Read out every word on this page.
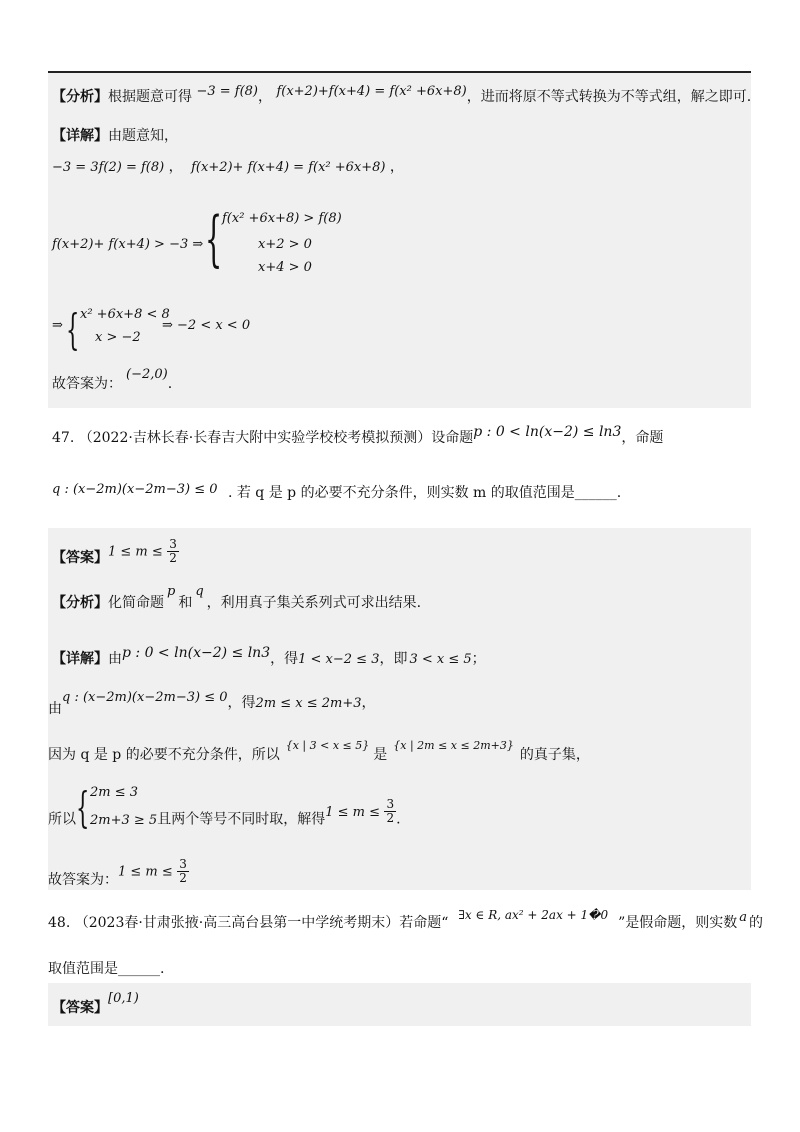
【分析】根据题意可得 −3 = f(8)， f(x+2)+f(x+4) = f(x² +6x+8)，进而将原不等式转换为不等式组，解之即可.
【详解】由题意知，
−3 = 3f(2) = f(8) ， f(x+2)+ f(x+4) = f(x² +6x+8) ，
f(x+2)+ f(x+4) > −3 ⇒ { f(x² +6x+8) > f(8)
x+2 > 0
x+4 > 0
⇒ { x² +6x+8 < 8
x > −2
⇒ −2 < x < 0
故答案为：(−2,0).
47. （2022·吉林长春·长春吉大附中实验学校校考模拟预测）设命题p : 0 < ln(x−2) ≤ ln3，命题
q : (x−2m)(x−2m−3) ≤ 0 . 若 q 是 p 的必要不充分条件，则实数 m 的取值范围是______.
【答案】$1 \le m \le \frac{3}{2}$
【分析】化简命题p和q，利用真子集关系列式可求出结果.
【详解】由p : 0 < ln(x−2) ≤ ln3，得1 < x−2 ≤ 3，即 3 < x ≤ 5；
由q : (x−2m)(x−2m−3) ≤ 0，得2m ≤ x ≤ 2m+3，
因为 q 是 p 的必要不充分条件，所以$^{\{x | 3 < x \le 5\}}$是$^{\{x | 2m \le x \le 2m+3\}}$的真子集，
{ 2m ≤ 3
所以 2m+3 ≥ 5且两个等号不同时取，解得$1 \le m \le \frac{3}{2}$ .
故答案为：$1 \le m \le \frac{3}{2}$
48. （2023春·甘肃张掖·高三高台县第一中学统考期末）若命题“ ∃x ∈ R, ax² + 2ax + 1�0 ”是假命题，则实数 a 的
取值范围是______.
【答案】[0,1)
